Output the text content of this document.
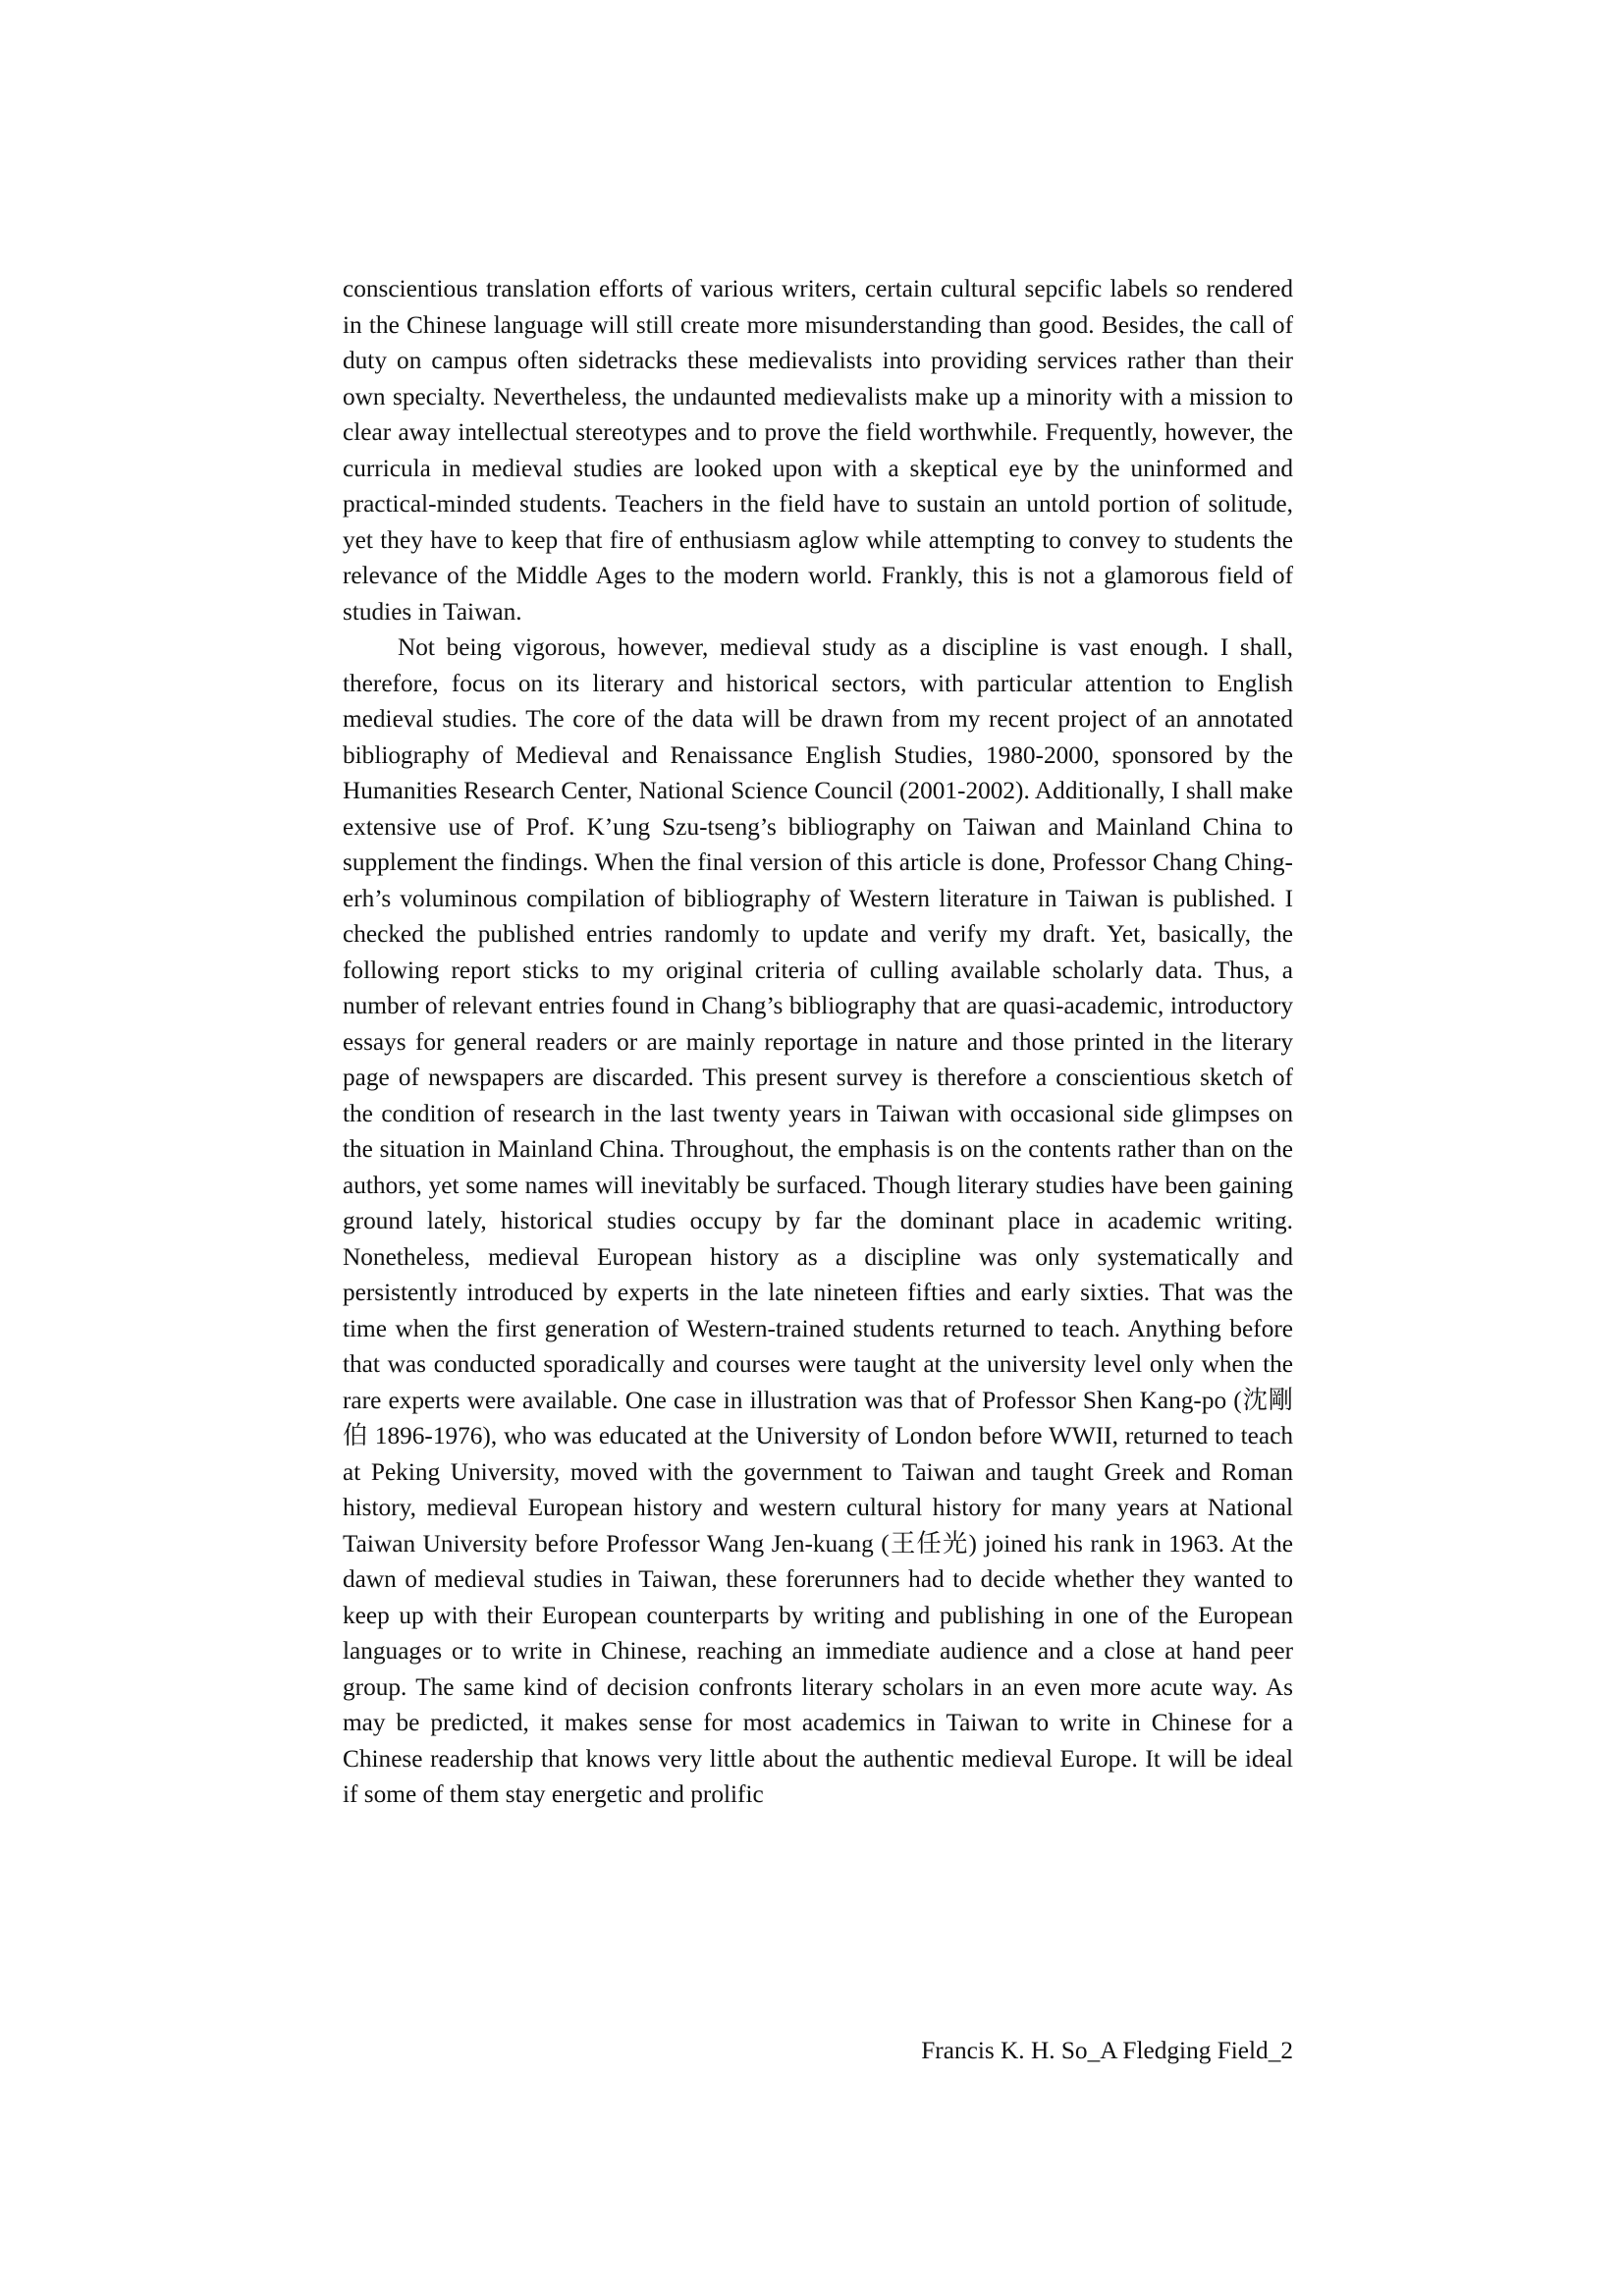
conscientious translation efforts of various writers, certain cultural sepcific labels so rendered in the Chinese language will still create more misunderstanding than good. Besides, the call of duty on campus often sidetracks these medievalists into providing services rather than their own specialty. Nevertheless, the undaunted medievalists make up a minority with a mission to clear away intellectual stereotypes and to prove the field worthwhile. Frequently, however, the curricula in medieval studies are looked upon with a skeptical eye by the uninformed and practical-minded students. Teachers in the field have to sustain an untold portion of solitude, yet they have to keep that fire of enthusiasm aglow while attempting to convey to students the relevance of the Middle Ages to the modern world. Frankly, this is not a glamorous field of studies in Taiwan.

Not being vigorous, however, medieval study as a discipline is vast enough. I shall, therefore, focus on its literary and historical sectors, with particular attention to English medieval studies. The core of the data will be drawn from my recent project of an annotated bibliography of Medieval and Renaissance English Studies, 1980-2000, sponsored by the Humanities Research Center, National Science Council (2001-2002). Additionally, I shall make extensive use of Prof. K’ung Szu-tseng’s bibliography on Taiwan and Mainland China to supplement the findings. When the final version of this article is done, Professor Chang Ching-erh’s voluminous compilation of bibliography of Western literature in Taiwan is published. I checked the published entries randomly to update and verify my draft. Yet, basically, the following report sticks to my original criteria of culling available scholarly data. Thus, a number of relevant entries found in Chang’s bibliography that are quasi-academic, introductory essays for general readers or are mainly reportage in nature and those printed in the literary page of newspapers are discarded. This present survey is therefore a conscientious sketch of the condition of research in the last twenty years in Taiwan with occasional side glimpses on the situation in Mainland China. Throughout, the emphasis is on the contents rather than on the authors, yet some names will inevitably be surfaced. Though literary studies have been gaining ground lately, historical studies occupy by far the dominant place in academic writing. Nonetheless, medieval European history as a discipline was only systematically and persistently introduced by experts in the late nineteen fifties and early sixties. That was the time when the first generation of Western-trained students returned to teach. Anything before that was conducted sporadically and courses were taught at the university level only when the rare experts were available. One case in illustration was that of Professor Shen Kang-po (沈剛伯 1896-1976), who was educated at the University of London before WWII, returned to teach at Peking University, moved with the government to Taiwan and taught Greek and Roman history, medieval European history and western cultural history for many years at National Taiwan University before Professor Wang Jen-kuang (王任光) joined his rank in 1963. At the dawn of medieval studies in Taiwan, these forerunners had to decide whether they wanted to keep up with their European counterparts by writing and publishing in one of the European languages or to write in Chinese, reaching an immediate audience and a close at hand peer group. The same kind of decision confronts literary scholars in an even more acute way. As may be predicted, it makes sense for most academics in Taiwan to write in Chinese for a Chinese readership that knows very little about the authentic medieval Europe. It will be ideal if some of them stay energetic and prolific

Francis K. H. So_A Fledging Field_2
